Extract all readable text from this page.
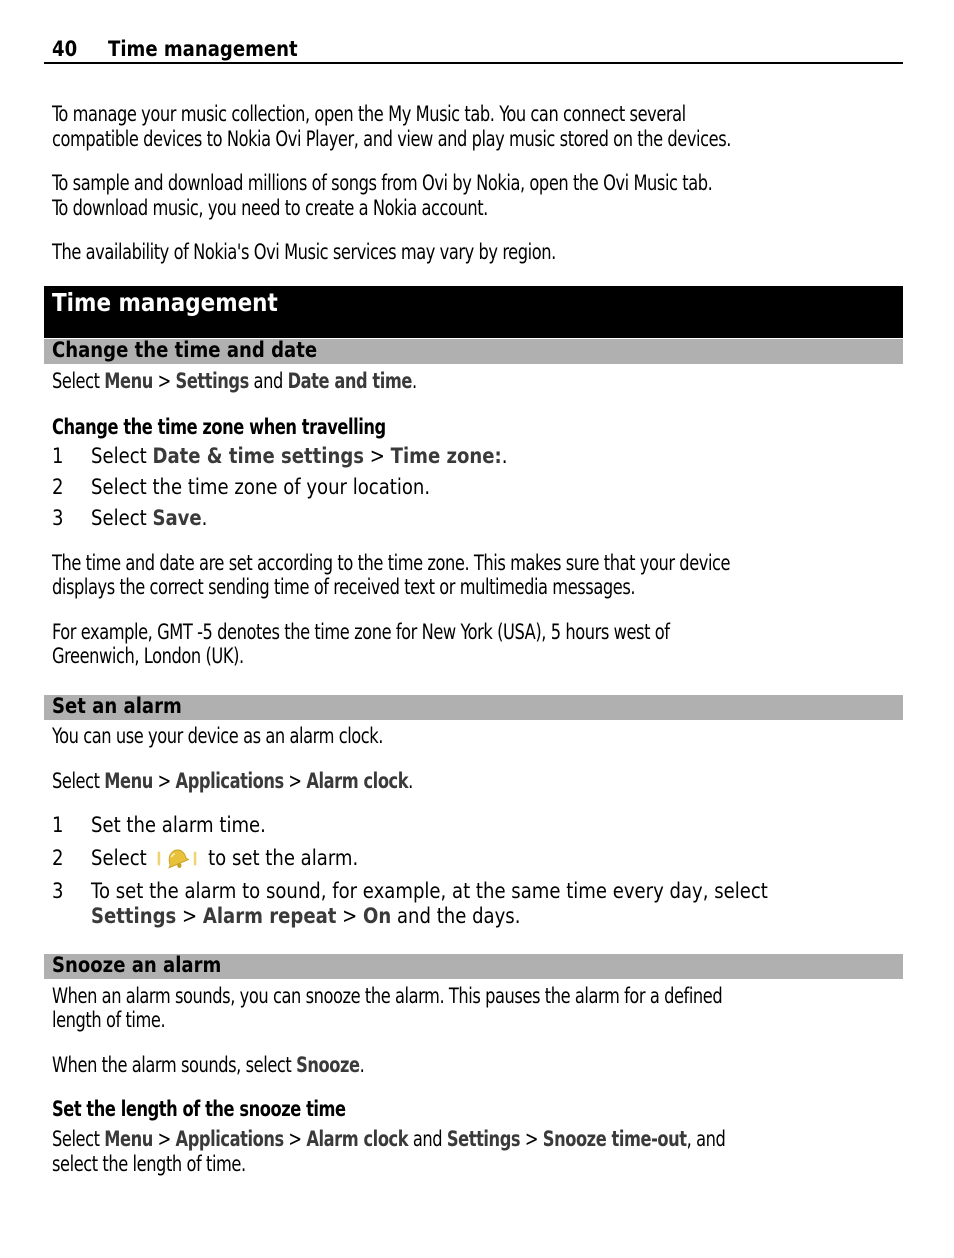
40 Time management
To manage your music collection, open the My Music tab. You can connect several
compatible devices to Nokia Ovi Player, and view and play music stored on the devices.
To sample and download millions of songs from Ovi by Nokia, open the Ovi Music tab.
To download music, you need to create a Nokia account.
The availability of Nokia's Ovi Music services may vary by region.
Time management
Change the time and date
Select Menu > Settings and Date and time.
Change the time zone when travelling
1 Select Date & time settings > Time zone:.
2 Select the time zone of your location.
3 Select Save.
The time and date are set according to the time zone. This makes sure that your device
displays the correct sending time of received text or multimedia messages.
For example, GMT -5 denotes the time zone for New York (USA), 5 hours west of
Greenwich, London (UK).
Set an alarm
You can use your device as an alarm clock.
Select Menu > Applications > Alarm clock.
1 Set the alarm time.
2 Select  to set the alarm.
3 To set the alarm to sound, for example, at the same time every day, select
Settings > Alarm repeat > On and the days.
Snooze an alarm
When an alarm sounds, you can snooze the alarm. This pauses the alarm for a defined
length of time.
When the alarm sounds, select Snooze.
Set the length of the snooze time
Select Menu > Applications > Alarm clock and Settings > Snooze time-out, and
select the length of time.
